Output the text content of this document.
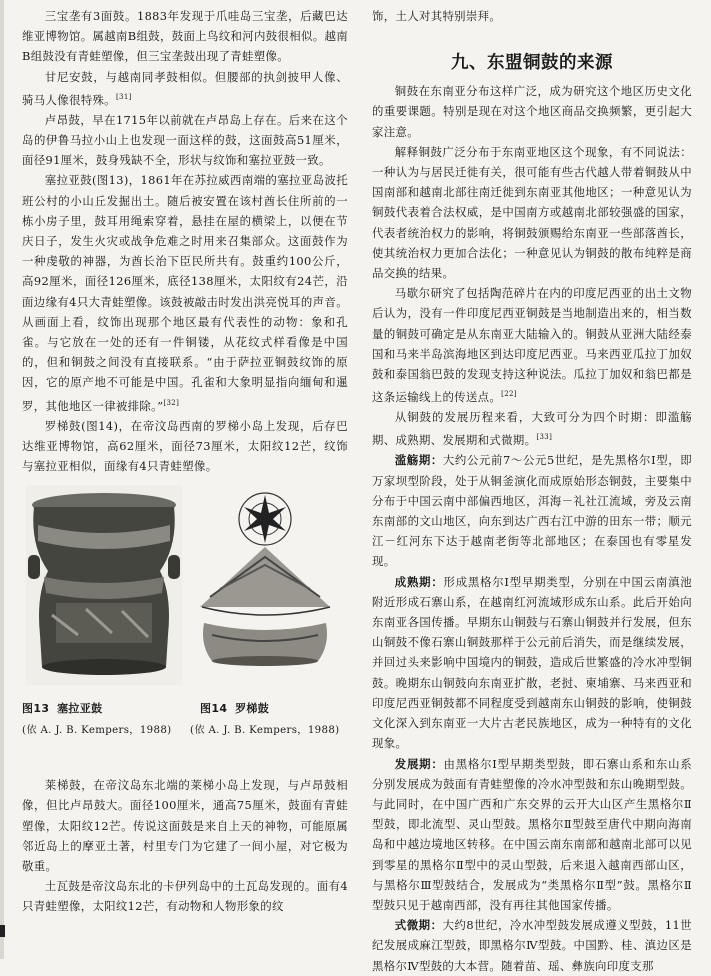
三宝垄有3面鼓。1883年发现于爪哇岛三宝垄，后藏巴达维亚博物馆。属越南B组鼓，鼓面上鸟纹和河内鼓很相似。越南B组鼓没有青蛙塑像，但三宝垄鼓出现了青蛙塑像。

甘尼安鼓，与越南同孝鼓相似。但腰部的执剑披甲人像、骑马人像很特殊。[31]

卢昂鼓，早在1715年以前就在卢昂岛上存在。后来在这个岛的伊鲁马拉小山上也发现一面这样的鼓，这面鼓高51厘米，面径91厘米，鼓身残缺不全，形状与纹饰和塞拉亚鼓一致。

塞拉亚鼓(图13)，1861年在苏拉威西南端的塞拉亚岛波托班公村的小山丘发掘出土。随后被安置在该村酋长住所前的一栋小房子里，鼓耳用绳索穿着，悬挂在屋的横梁上，以便在节庆日子，发生火灾或战争危难之时用来召集部众。这面鼓作为一种虔敬的神器，为酋长治下臣民所共有。鼓重约100公斤，高92厘米，面径126厘米，底径138厘米，太阳纹有24芒，沿面边缘有4只大青蛙塑像。该鼓被敲击时发出洪亮悦耳的声音。从画面上看，纹饰出现那个地区最有代表性的动物：象和孔雀。与它放在一处的还有一件铜镂，从花纹式样看像是中国的，但和铜鼓之间没有直接联系。“由于萨拉亚铜鼓纹饰的原因，它的原产地不可能是中国。孔雀和大象明显指向缅甸和暹罗，其他地区一律被排除。”[32]

罗梯鼓(图14)，在帝汶岛西南的罗梯小岛上发现，后存巴达维亚博物馆，高62厘米，面径73厘米，太阳纹12芒，纹饰与塞拉亚相似，面缘有4只青蛙塑像。

图13 塞拉亚鼓	图14 罗梯鼓
(依 A. J. B. Kempers，1988) (依 A. J. B. Kempers，1988)

莱梯鼓，在帝汶岛东北端的莱梯小岛上发现，与卢昂鼓相像，但比卢昂鼓大。面径100厘米，通高75厘米，鼓面有青蛙塑像，太阳纹12芒。传说这面鼓是来自上天的神物，可能原属邻近岛上的摩亚土著，村里专门为它建了一间小屋，对它极为敬重。

土瓦鼓是帝汶岛东北的卡伊列岛中的土瓦岛发现的。面有4只青蛙塑像，太阳纹12芒，有动物和人物形象的纹

饰，土人对其特别崇拜。

九、东盟铜鼓的来源

铜鼓在东南亚分布这样广泛，成为研究这个地区历史文化的重要课题。特别是现在对这个地区商品交换频繁，更引起大家注意。

解释铜鼓广泛分布于东南亚地区这个现象，有不同说法：一种认为与居民迁徙有关，很可能有些古代越人带着铜鼓从中国南部和越南北部往南迁徙到东南亚其他地区；一种意见认为铜鼓代表着合法权威，是中国南方或越南北部较强盛的国家，代表者统治权力的影响，将铜鼓颁赐给东南亚一些部落酋长，使其统治权力更加合法化；一种意见认为铜鼓的散布纯粹是商品交换的结果。

马歇尔研究了包括陶范碎片在内的印度尼西亚的出土文物后认为，没有一件印度尼西亚铜鼓是当地制造出来的，相当数量的铜鼓可确定是从东南亚大陆输入的。铜鼓从亚洲大陆经泰国和马来半岛滨海地区到达印度尼西亚。马来西亚瓜拉丁加奴鼓和泰国翁巴鼓的发现支持这种说法。瓜拉丁加奴和翁巴都是这条运输线上的传送点。[22]

从铜鼓的发展历程来看，大致可分为四个时期：即滥觞期、成熟期、发展期和式微期。[33]

滥觞期：大约公元前7～公元5世纪，是先黑格尔Ⅰ型，即万家坝型阶段，处于从铜釜演化而成原始形态铜鼓，主要集中分布于中国云南中部偏西地区，洱海－礼社江流域，旁及云南东南部的文山地区，向东到达广西右江中游的田东一带；顺元江－红河东下达于越南老街等北部地区；在泰国也有零星发现。

成熟期：形成黑格尔Ⅰ型早期类型，分别在中国云南滇池附近形成石寨山系，在越南红河流域形成东山系。此后开始向东南亚各国传播。早期东山铜鼓与石寨山铜鼓并行发展，但东山铜鼓不像石寨山铜鼓那样于公元前后消失，而是继续发展，并回过头来影响中国境内的铜鼓，造成后世繁盛的冷水冲型铜鼓。晚期东山铜鼓向东南亚扩散，老挝、柬埔寨、马来西亚和印度尼西亚铜鼓都不同程度受到越南东山铜鼓的影响，使铜鼓文化深入到东南亚一大片古老民族地区，成为一种特有的文化现象。

发展期：由黑格尔Ⅰ型早期类型鼓，即石寨山系和东山系分别发展成为鼓面有青蛙塑像的冷水冲型鼓和东山晚期型鼓。与此同时，在中国广西和广东交界的云开大山区产生黑格尔Ⅱ型鼓，即北流型、灵山型鼓。黑格尔Ⅱ型鼓至唐代中期向海南岛和中越边境地区转移。在中国云南东南部和越南北部可以见到零星的黑格尔Ⅱ型中的灵山型鼓，后来退入越南西部山区，与黑格尔Ⅲ型鼓结合，发展成为“类黑格尔Ⅱ型”鼓。黑格尔Ⅱ型鼓只见于越南西部，没有再往其他国家传播。

式微期：大约8世纪，冷水冲型鼓发展成遵义型鼓，11世纪发展成麻江型鼓，即黑格尔Ⅳ型鼓。中国黔、桂、滇边区是黑格尔Ⅳ型鼓的大本营。随着苗、瑶、彝族向印度支那
